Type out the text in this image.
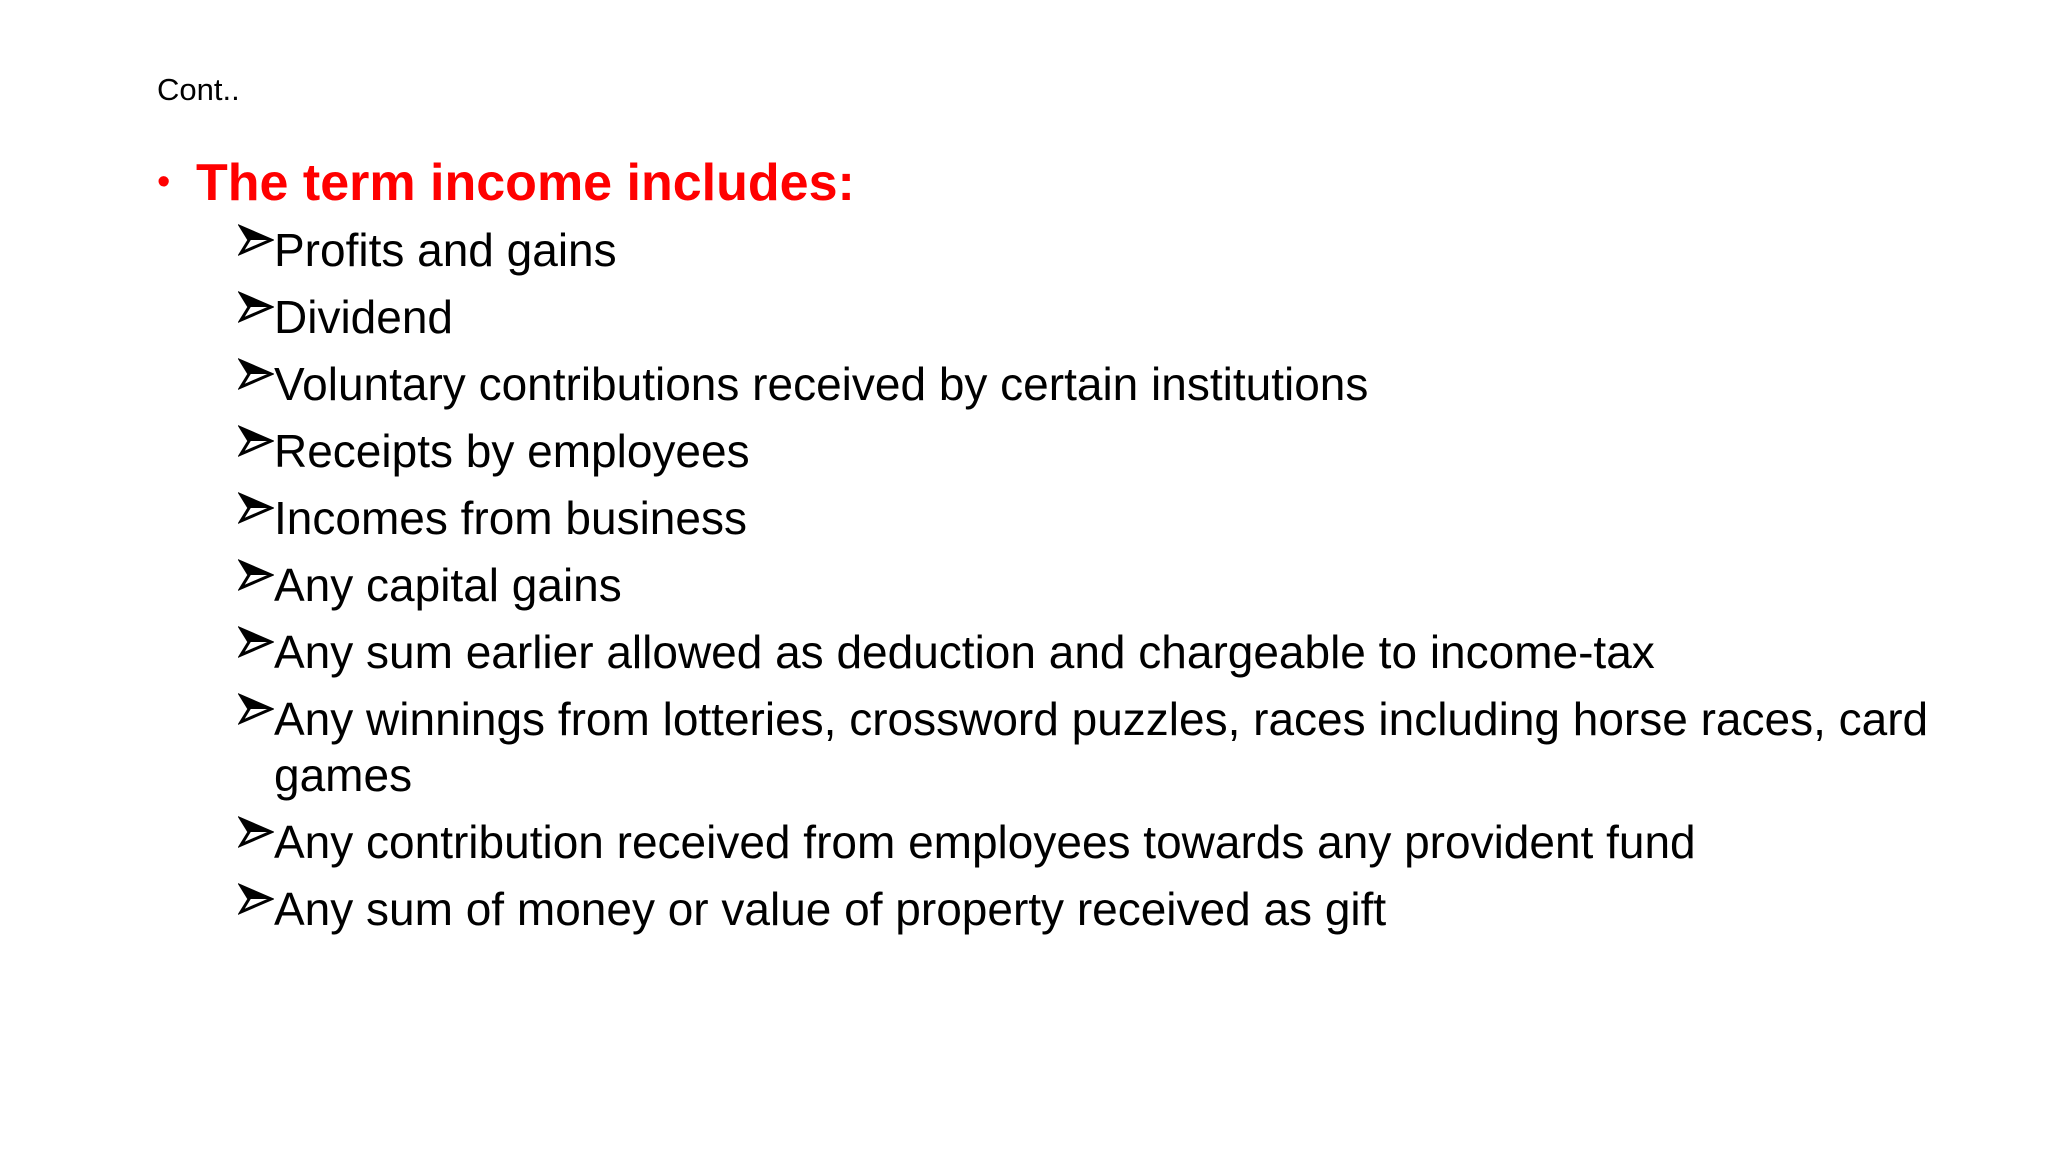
Cont..
• The term income includes:
Profits and gains
Dividend
Voluntary contributions received by certain institutions
Receipts by employees
Incomes from business
Any capital gains
Any sum earlier allowed as deduction and chargeable to income-tax
Any winnings from lotteries, crossword puzzles, races including horse races, card games
Any contribution received from employees towards any provident fund
Any sum of money or value of property received as gift
